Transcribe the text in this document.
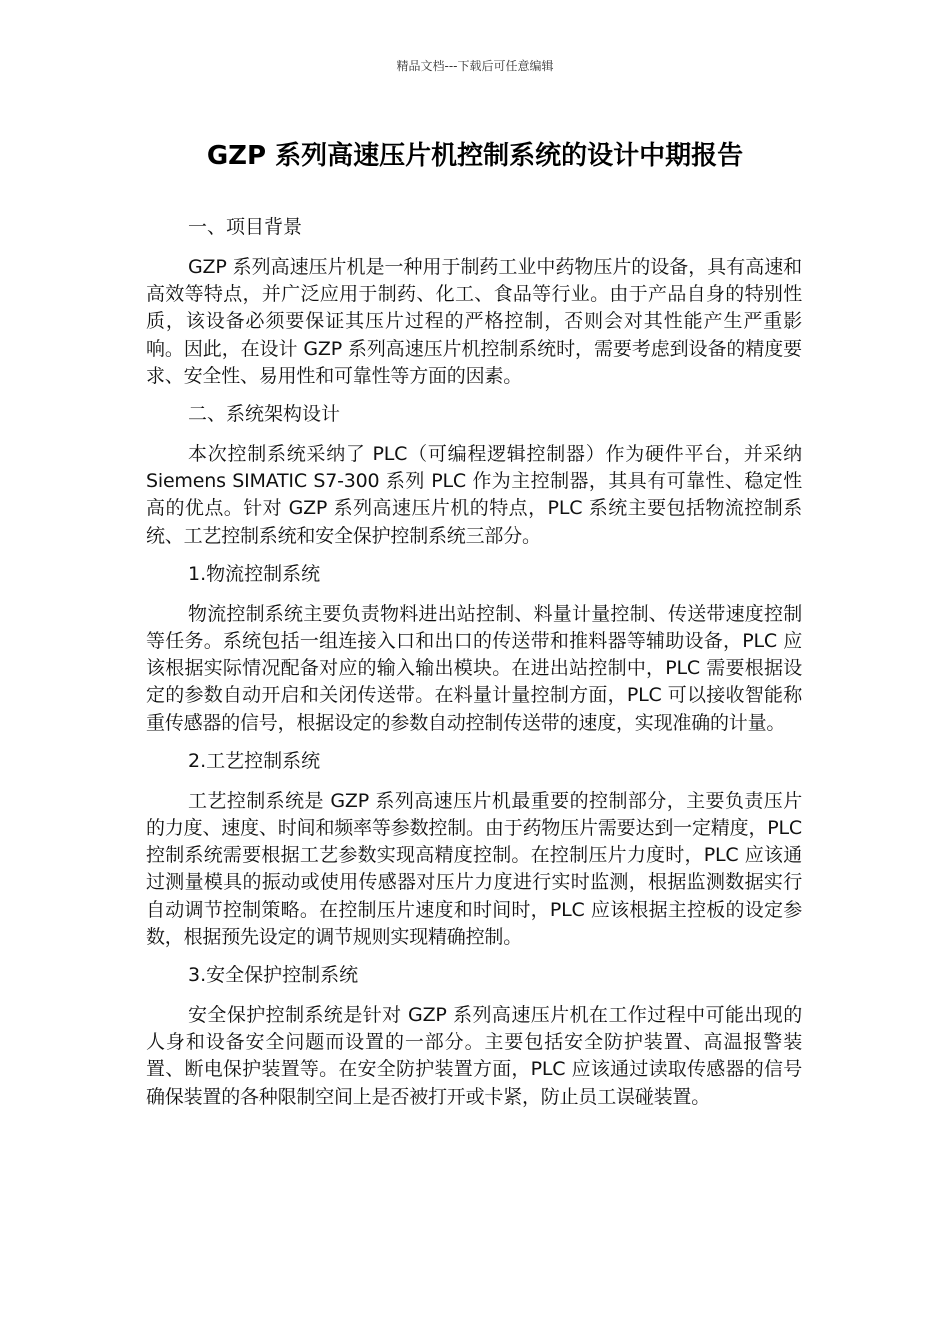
精品文档---下载后可任意编辑
GZP 系列高速压片机控制系统的设计中期报告

一、项目背景

GZP 系列高速压片机是一种用于制药工业中药物压片的设备，具有高速和高效等特点，并广泛应用于制药、化工、食品等行业。由于产品自身的特别性质，该设备必须要保证其压片过程的严格控制，否则会对其性能产生严重影响。因此，在设计 GZP 系列高速压片机控制系统时，需要考虑到设备的精度要求、安全性、易用性和可靠性等方面的因素。

二、系统架构设计

本次控制系统采纳了 PLC（可编程逻辑控制器）作为硬件平台，并采纳 Siemens SIMATIC S7-300 系列 PLC 作为主控制器，其具有可靠性、稳定性高的优点。针对 GZP 系列高速压片机的特点，PLC 系统主要包括物流控制系统、工艺控制系统和安全保护控制系统三部分。

1.物流控制系统

物流控制系统主要负责物料进出站控制、料量计量控制、传送带速度控制等任务。系统包括一组连接入口和出口的传送带和推料器等辅助设备，PLC 应该根据实际情况配备对应的输入输出模块。在进出站控制中，PLC 需要根据设定的参数自动开启和关闭传送带。在料量计量控制方面，PLC 可以接收智能称重传感器的信号，根据设定的参数自动控制传送带的速度，实现准确的计量。

2.工艺控制系统

工艺控制系统是 GZP 系列高速压片机最重要的控制部分，主要负责压片的力度、速度、时间和频率等参数控制。由于药物压片需要达到一定精度，PLC 控制系统需要根据工艺参数实现高精度控制。在控制压片力度时，PLC 应该通过测量模具的振动或使用传感器对压片力度进行实时监测，根据监测数据实行自动调节控制策略。在控制压片速度和时间时，PLC 应该根据主控板的设定参数，根据预先设定的调节规则实现精确控制。

3.安全保护控制系统

安全保护控制系统是针对 GZP 系列高速压片机在工作过程中可能出现的人身和设备安全问题而设置的一部分。主要包括安全防护装置、高温报警装置、断电保护装置等。在安全防护装置方面，PLC 应该通过读取传感器的信号确保装置的各种限制空间上是否被打开或卡紧，防止员工误碰装置。
